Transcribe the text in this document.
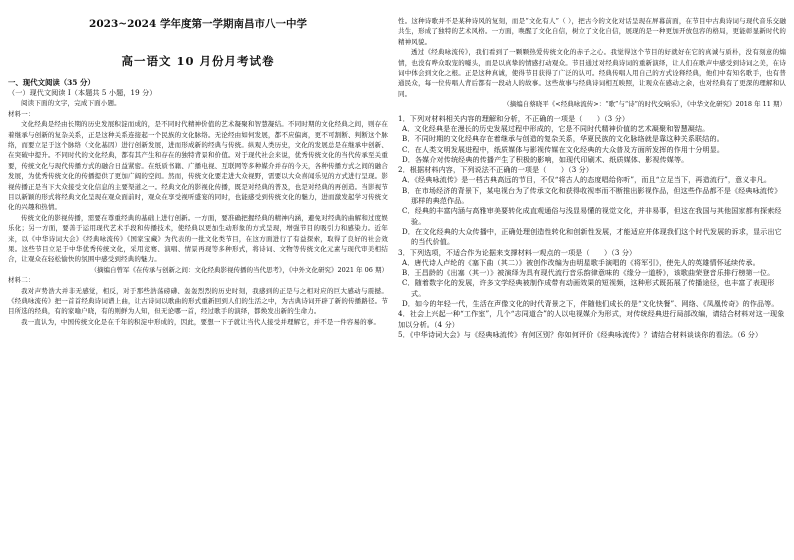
2023~2024 学年度第一学期南昌市八一中学

高一语文 10 月份月考试卷

一、现代文阅读（35 分）

（一）现代文阅读 I（本题共 5 小题，19 分）

阅读下面的文字，完成下面小题。

材料一：

文化经典是经由长期的历史发展积淀而成的，是不同时代精神价值的艺术凝聚和智慧凝结。不同时期的文化经典之间，则存在着继承与创新的复杂关系，正是这种关系连接起一个民族的文化脉络。无论经由如何发展，都不应偏离，更不可割断、判断这个脉络，而要立足于这个脉络（文化基因）进行创新发展，进而形成新的经典与传统。纵观人类历史，文化的发展总是在继承中创新、在突破中提升。不同时代的文化经典，都有其产生和存在的独特背景和价值。对于现代社会来说，优秀传统文化的当代传承至关重要，传统文化与现代传播方式的融合日益紧密。在纸质书籍、广播电视、互联网等多种媒介并存的今天，各种传播方式之间的融合发展，为优秀传统文化的传播提供了更加广阔的空间。然而，传统文化要走进大众视野，需要以大众喜闻乐见的方式进行呈现。影视传播正是当下大众接受文化信息的主要渠道之一。经典文化的影视化传播，既是对经典的普及，也是对经典的再创造。当影视节目以新颖的形式将经典文化呈现在观众面前时，观众在享受视听盛宴的同时，也能感受到传统文化的魅力，进而激发起学习传统文化的兴趣和热情。

传统文化的影视传播，需要在尊重经典的基础上进行创新。一方面，要准确把握经典的精神内涵，避免对经典的曲解和过度娱乐化；另一方面，要善于运用现代艺术手段和传播技术，使经典以更加生动形象的方式呈现，增强节目的吸引力和感染力。近年来，以《中华诗词大会》《经典咏流传》《国家宝藏》为代表的一批文化类节目，在这方面进行了有益探索，取得了良好的社会效果。这些节目立足于中华优秀传统文化，采用竞赛、演唱、情景再现等多种形式，将诗词、文物等传统文化元素与现代审美相结合，让观众在轻松愉快的氛围中感受到经典的魅力。

（摘编自曾军《在传承与创新之间：文化经典影视传播的当代思考》，《中外文化研究》2021 年 06 期）

材料二：

我对声势浩大并非无感觉，相反，对于那些浩荡磅礴、轰轰烈烈的历史时刻，我感到的正是与之相对应的巨大感动与震撼。《经典咏流传》把一首首经典诗词谱上曲，让古诗词以歌曲的形式重新回到人们的生活之中，为古典诗词开辟了新的传播路径。节目所选的经典，有的家喻户晓，有的则鲜为人知，但无论哪一首，经过歌手的演绎，都焕发出新的生命力。

我一直认为，中国传统文化是在千年的积淀中形成的，因此，要想一下子就让当代人接受并理解它，并不是一件容易的事。

性。这种诗歌并不是某种诗风的复刻，而是“文化有人”（ ），把古今的文化对话呈现在屏幕前面，在节目中古典诗词与现代音乐交融共生，形成了独特的艺术风格。一方面，唤醒了文化自信，树立了文化自信，展现的是一种更加开放包容的格局，更能彰显新时代的精神风貌。

透过《经典咏流传》，我们看到了一颗颗热爱传统文化的赤子之心。我觉得这个节目的好就好在它的真诚与质朴，没有刻意的煽情，也没有哗众取宠的噱头，而是以真挚的情感打动观众。节目通过对经典诗词的重新演绎，让人们在歌声中感受到诗词之美，在诗词中体会到文化之根。正是这种真诚，使得节目获得了广泛的认可。经典传唱人用自己的方式诠释经典，他们中有知名歌手，也有普通民众，每一位传唱人背后都有一段动人的故事。这些故事与经典诗词相互映照，让观众在感动之余，也对经典有了更深的理解和认同。

（摘编自蔡晓平《<经典咏流传>：“歌”与“诗”的时代交响乐》，《中华文化研究》2018 年 11 期）

1．下列对材料相关内容的理解和分析，不正确的一项是（　　）（3 分）

A．文化经典是在漫长的历史发展过程中形成的，它是不同时代精神价值的艺术凝聚和智慧凝结。

B．不同时期的文化经典存在着继承与创造的复杂关系，华夏民族的文化脉络就是靠这种关系联结的。

C．在人类文明发展进程中，纸质媒体与影视传媒在文化经典的大众普及方面所发挥的作用十分明显。

D．各媒介对传统经典的传播产生了积极的影响，如现代印刷术、纸质媒体、影视传媒等。

2．根据材料内容，下列说法不正确的一项是（　　）（3 分）

A．《经典咏流传》是一档古典高远的节目，不仅“将古人的态度唱给你听”，而且“立足当下，再造流行”，意义非凡。

B．在市场经济的背景下，某电视台为了传承文化和获得收视率而不断推出影视作品，但这些作品都不是《经典咏流传》那样的典范作品。

C．经典的丰富内涵与高雅审美要转化成直观通俗与浅显易懂的视觉文化，并非易事，但这在我国与其他国家都有探索经验。

D．在文化经典的大众传播中，正确处理创造性转化和创新性发展，才能适应并体现我们这个时代发展的诉求，显示出它的当代价值。

3．下列选项，不适合作为论据来支撑材料一观点的一项是（　　）（3 分）

A．唐代诗人卢纶的《塞下曲（其二）》被创作改编为由明星歌手演唱的《将军引》，使先人的英雄情怀延续传承。

B．王昌龄的《出塞（其一）》被演绎为具有现代流行音乐韵律意味的《缘分一道桥》，该歌曲荣登音乐排行榜第一位。

C．随着数字化的发展，许多文学经典被制作成带有动画效果的短视频，这种形式既拓展了传播途径，也丰富了表现形式。

D．如今的年轻一代，生活在声像文化的时代背景之下，伴随他们成长的是“文化快餐”、网络、《凤凰传奇》的作品等。

4．社会上兴起一种“工作室”，几个“志同道合”的人以电视媒介为形式，对传统经典进行局部改编，请结合材料对这一现象加以分析。（4 分）

5．《中华诗词大会》与《经典咏流传》有何区别？你如何评价《经典咏流传》？请结合材料谈谈你的看法。（6 分）
